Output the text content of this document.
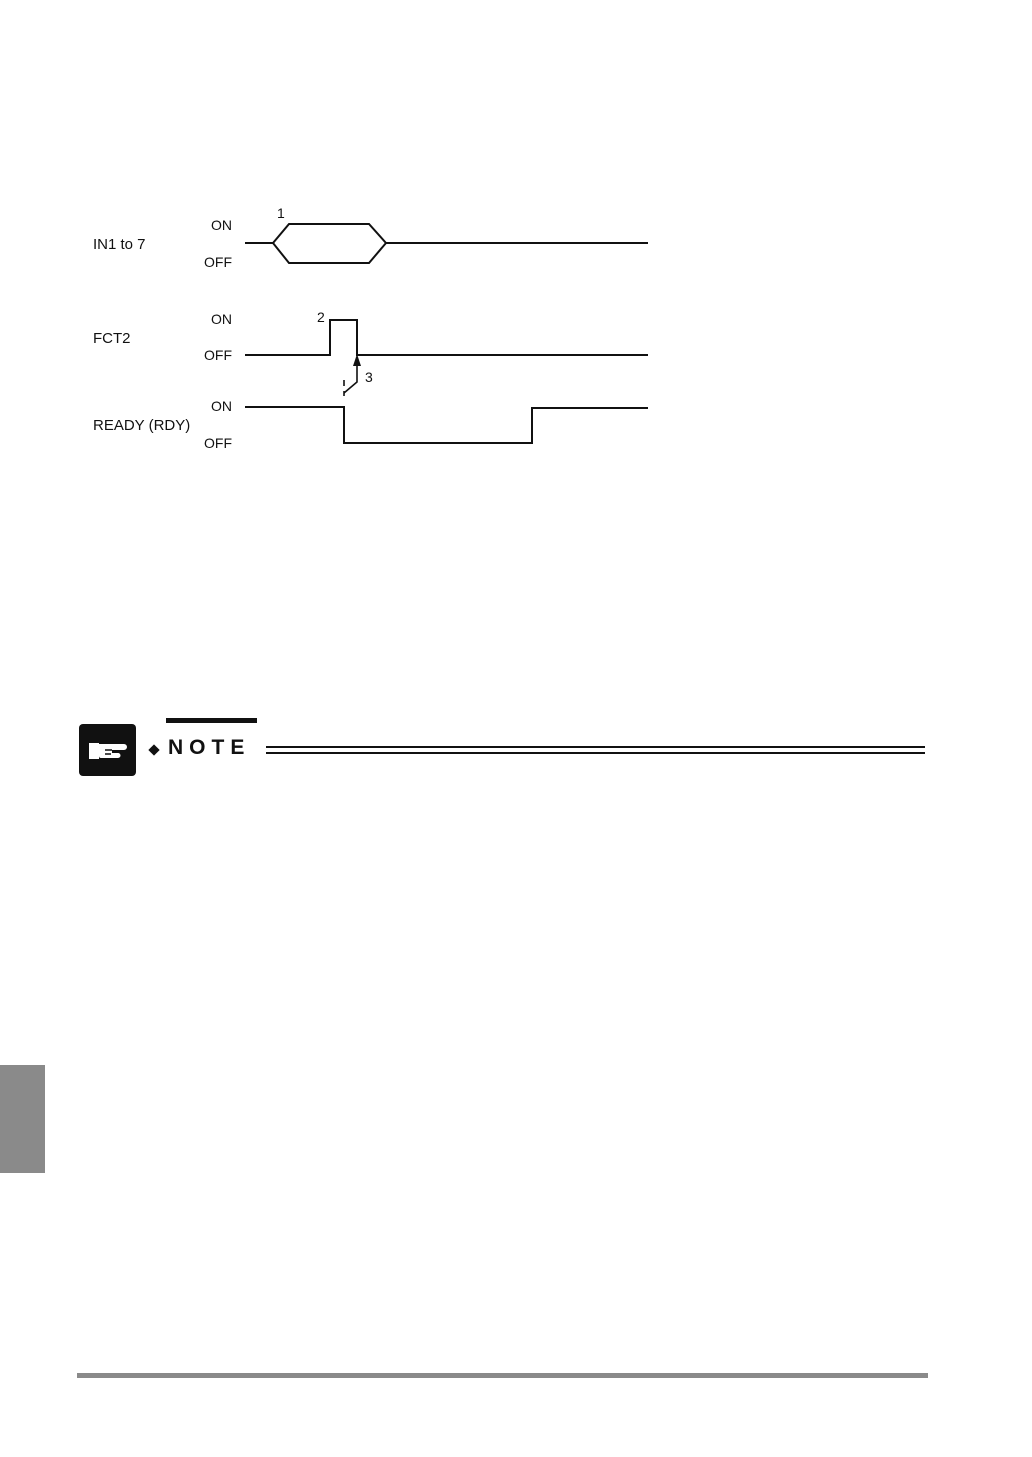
IN1 to 7
ON
OFF
1
FCT2
ON
OFF
2
3
READY (RDY)
ON
OFF
NOTE
